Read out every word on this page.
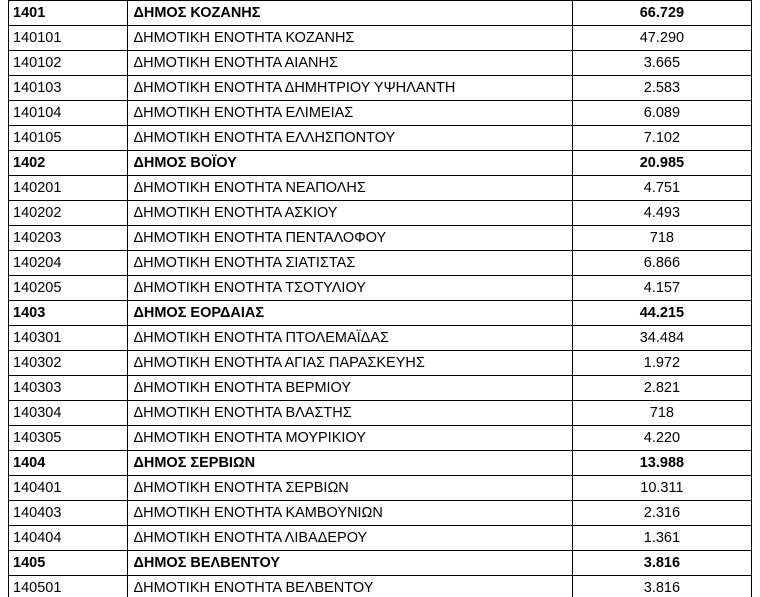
1401	ΔΗΜΟΣ ΚΟΖΑΝΗΣ	66.729
140101	ΔΗΜΟΤΙΚΗ ΕΝΟΤΗΤΑ ΚΟΖΑΝΗΣ	47.290
140102	ΔΗΜΟΤΙΚΗ ΕΝΟΤΗΤΑ ΑΙΑΝΗΣ	3.665
140103	ΔΗΜΟΤΙΚΗ ΕΝΟΤΗΤΑ ΔΗΜΗΤΡΙΟΥ ΥΨΗΛΑΝΤΗ	2.583
140104	ΔΗΜΟΤΙΚΗ ΕΝΟΤΗΤΑ ΕΛΙΜΕΙΑΣ	6.089
140105	ΔΗΜΟΤΙΚΗ ΕΝΟΤΗΤΑ ΕΛΛΗΣΠΟΝΤΟΥ	7.102
1402	ΔΗΜΟΣ ΒΟΪΟΥ	20.985
140201	ΔΗΜΟΤΙΚΗ ΕΝΟΤΗΤΑ ΝΕΑΠΟΛΗΣ	4.751
140202	ΔΗΜΟΤΙΚΗ ΕΝΟΤΗΤΑ ΑΣΚΙΟΥ	4.493
140203	ΔΗΜΟΤΙΚΗ ΕΝΟΤΗΤΑ ΠΕΝΤΑΛΟΦΟΥ	718
140204	ΔΗΜΟΤΙΚΗ ΕΝΟΤΗΤΑ ΣΙΑΤΙΣΤΑΣ	6.866
140205	ΔΗΜΟΤΙΚΗ ΕΝΟΤΗΤΑ ΤΣΟΤΥΛΙΟΥ	4.157
1403	ΔΗΜΟΣ ΕΟΡΔΑΙΑΣ	44.215
140301	ΔΗΜΟΤΙΚΗ ΕΝΟΤΗΤΑ ΠΤΟΛΕΜΑΪΔΑΣ	34.484
140302	ΔΗΜΟΤΙΚΗ ΕΝΟΤΗΤΑ ΑΓΙΑΣ ΠΑΡΑΣΚΕΥΗΣ	1.972
140303	ΔΗΜΟΤΙΚΗ ΕΝΟΤΗΤΑ ΒΕΡΜΙΟΥ	2.821
140304	ΔΗΜΟΤΙΚΗ ΕΝΟΤΗΤΑ ΒΛΑΣΤΗΣ	718
140305	ΔΗΜΟΤΙΚΗ ΕΝΟΤΗΤΑ ΜΟΥΡΙΚΙΟΥ	4.220
1404	ΔΗΜΟΣ ΣΕΡΒΙΩΝ	13.988
140401	ΔΗΜΟΤΙΚΗ ΕΝΟΤΗΤΑ ΣΕΡΒΙΩΝ	10.311
140403	ΔΗΜΟΤΙΚΗ ΕΝΟΤΗΤΑ ΚΑΜΒΟΥΝΙΩΝ	2.316
140404	ΔΗΜΟΤΙΚΗ ΕΝΟΤΗΤΑ ΛΙΒΑΔΕΡΟΥ	1.361
1405	ΔΗΜΟΣ ΒΕΛΒΕΝΤΟΥ	3.816
140501	ΔΗΜΟΤΙΚΗ ΕΝΟΤΗΤΑ ΒΕΛΒΕΝΤΟΥ	3.816
